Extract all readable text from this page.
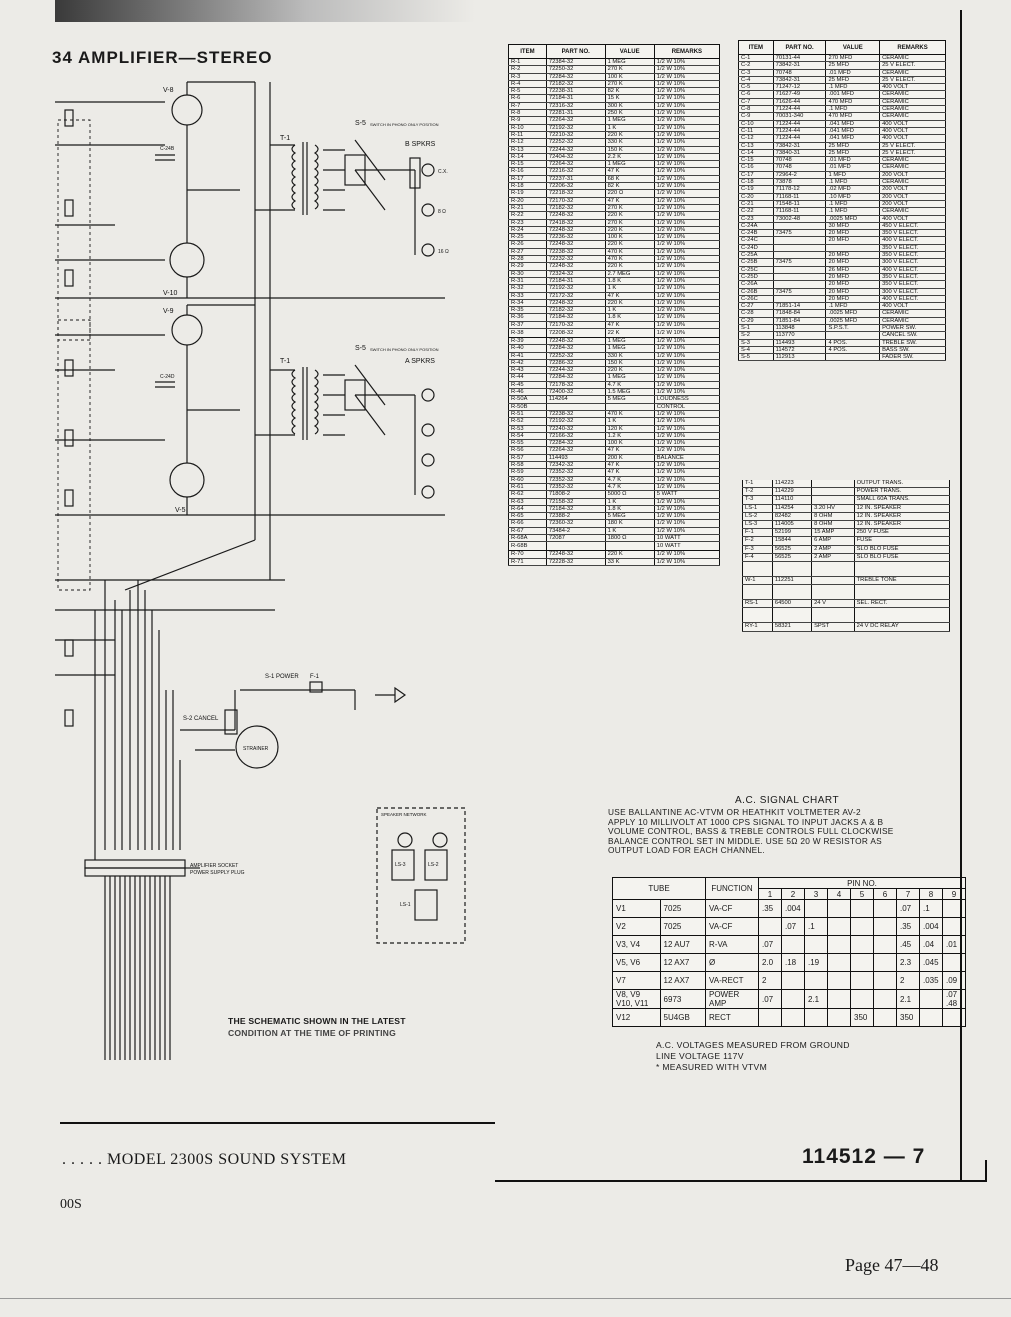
34 AMPLIFIER—STEREO
T-1
T-1
S-5
S-5
SWITCH IN PHONO ONLY POSITION
SWITCH IN PHONO ONLY POSITION
B SPKRS
A SPKRS
C.X.
8 Ω
16 Ω
V-8
V-10
V-9
V-5
C-24B
C-24D
S-1 POWER F-1
S-2 CANCEL
STRAINER
SPEAKER NETWORK
LS-3	LS-2
LS-1
AMPLIFIER SOCKET
POWER SUPPLY PLUG
THE SCHEMATIC SHOWN IN THE LATEST
CONDITION AT THE TIME OF PRINTING
ITEM	PART NO.	VALUE	REMARKS
R-1	72384-32	1 MEG	1/2 W 10%
R-2	72250-32	270 K	1/2 W 10%
R-3	72284-32	100 K	1/2 W 10%
R-4	72182-32	270 K	1/2 W 10%
R-5	72238-31	82 K	1/2 W 10%
R-6	72184-31	15 K	1/2 W 10%
R-7	72316-32	300 K	1/2 W 10%
R-8	72281-31	250 K	1/2 W 10%
R-9	72264-32	1 MEG	1/2 W 10%
R-10	72192-32	1 K	1/2 W 10%
R-11	72210-32	220 K	1/2 W 10%
R-12	72252-32	330 K	1/2 W 10%
R-13	72244-32	150 K	1/2 W 10%
R-14	72404-32	2.2 K	1/2 W 10%
R-15	72264-32	1 MEG	1/2 W 10%
R-16	72216-32	47 K	1/2 W 10%
R-17	72237-31	68 K	1/2 W 10%
R-18	72206-32	82 K	1/2 W 10%
R-19	72218-32	220 Ω	1/2 W 10%
R-20	72170-32	47 K	1/2 W 10%
R-21	72182-32	270 K	1/2 W 10%
R-22	72248-32	220 K	1/2 W 10%
R-23	72418-32	270 K	1/2 W 10%
R-24	72248-32	220 K	1/2 W 10%
R-25	72236-32	100 K	1/2 W 10%
R-26	72248-32	220 K	1/2 W 10%
R-27	72238-32	470 K	1/2 W 10%
R-28	72232-32	470 K	1/2 W 10%
R-29	72248-32	220 K	1/2 W 10%
R-30	72324-32	2.7 MEG	1/2 W 10%
R-31	72184-31	1.8 K	1/2 W 10%
R-32	72192-32	1 K	1/2 W 10%
R-33	72172-32	47 K	1/2 W 10%
R-34	72248-32	220 K	1/2 W 10%
R-35	72182-32	1 K	1/2 W 10%
R-36	72184-32	1.8 K	1/2 W 10%
R-37	72170-32	47 K	1/2 W 10%
R-38	72208-32	22 K	1/2 W 10%
R-39	72248-32	1 MEG	1/2 W 10%
R-40	72284-32	1 MEG	1/2 W 10%
R-41	72252-32	330 K	1/2 W 10%
R-42	72286-32	150 K	1/2 W 10%
R-43	72244-32	220 K	1/2 W 10%
R-44	72284-32	1 MEG	1/2 W 10%
R-45	72178-32	4.7 K	1/2 W 10%
R-46	72400-32	1.5 MEG	1/2 W 10%
R-50A	114264	5 MEG	LOUDNESS
R-50B			CONTROL
R-51	72238-32	470 K	1/2 W 10%
R-52	72192-32	1 K	1/2 W 10%
R-53	72240-32	120 K	1/2 W 10%
R-54	72166-32	1.2 K	1/2 W 10%
R-55	72284-32	100 K	1/2 W 10%
R-56	72264-32	47 K	1/2 W 10%
R-57	114493	200 K	BALANCE
R-58	72342-32	47 K	1/2 W 10%
R-59	72352-32	47 K	1/2 W 10%
R-60	72352-32	4.7 K	1/2 W 10%
R-61	72352-32	4.7 K	1/2 W 10%
R-62	71808-2	5000 Ω	5 WATT
R-63	72158-32	1 K	1/2 W 10%
R-64	72184-32	1.8 K	1/2 W 10%
R-65	72388-2	5 MEG	1/2 W 10%
R-66	72360-32	180 K	1/2 W 10%
R-67	73484-2	1 K	1/2 W 10%
R-68A	72087	1800 Ω	10 WATT
R-68B			10 WATT
R-70	72248-32	220 K	1/2 W 10%
R-71	72228-32	33 K	1/2 W 10%
ITEM	PART NO.	VALUE	REMARKS
C-1	70131-44	270 MFD	CERAMIC
C-2	73842-31	25 MFD	25 V ELECT.
C-3	70748	.01 MFD	CERAMIC
C-4	73842-31	25 MFD	25 V ELECT.
C-5	71247-12	.1 MFD	400 VOLT
C-6	71627-49	.001 MFD	CERAMIC
C-7	71626-44	470 MFD	CERAMIC
C-8	71224-44	.1 MFD	CERAMIC
C-9	70031-340	470 MFD	CERAMIC
C-10	71224-44	.041 MFD	400 VOLT
C-11	71224-44	.041 MFD	400 VOLT
C-12	71224-44	.041 MFD	400 VOLT
C-13	73842-31	25 MFD	25 V ELECT.
C-14	73840-31	25 MFD	25 V ELECT.
C-15	70748	.01 MFD	CERAMIC
C-16	70748	.01 MFD	CERAMIC
C-17	72964-2	1 MFD	200 VOLT
C-18	73878	.1 MFD	CERAMIC
C-19	71178-12	.02 MFD	200 VOLT
C-20	71168-11	.10 MFD	200 VOLT
C-21	71548-11	.1 MFD	200 VOLT
C-22	71168-11	.1 MFD	CERAMIC
C-23	73002-48	.0025 MFD	400 VOLT
C-24A		30 MFD	450 V ELECT.
C-24B	73475	20 MFD	350 V ELECT.
C-24C		20 MFD	400 V ELECT.
C-24D			350 V ELECT.
C-25A		20 MFD	350 V ELECT.
C-25B	73475	20 MFD	300 V ELECT.
C-25C		26 MFD	400 V ELECT.
C-25D		20 MFD	350 V ELECT.
C-26A		20 MFD	350 V ELECT.
C-26B	73475	20 MFD	300 V ELECT.
C-26C		20 MFD	400 V ELECT.
C-27	71851-14	.1 MFD	400 VOLT
C-28	71848-84	.0025 MFD	CERAMIC
C-29	71851-84	.0025 MFD	CERAMIC
S-1	113848	S.P.S.T.	POWER SW.
S-2	113770		CANCEL SW.
S-3	114493	4 POS.	TREBLE SW.
S-4	114572	4 POS.	BASS SW.
S-5	112913		FADER SW.
T-1	114223		OUTPUT TRANS.
T-2	114229		POWER TRANS.
T-3	114110		SMALL 60A TRANS.
LS-1	114254	3.20 HV	12 IN. SPEAKER
LS-2	82482	8 OHM	12 IN. SPEAKER
LS-3	114005	8 OHM	12 IN. SPEAKER
F-1	52199	15 AMP	250 V FUSE
F-2	15844	6 AMP	FUSE
F-3	56525	2 AMP	SLO BLO FUSE
F-4	56525	2 AMP	SLO BLO FUSE

W-1	112251		TREBLE TONE

RS-1	64500	24 V	SEL. RECT.

RY-1	58321	SPST	24 V DC RELAY
A.C. SIGNAL CHART
USE BALLANTINE AC-VTVM OR HEATHKIT VOLTMETER AV-2
APPLY 10 MILLIVOLT AT 1000 CPS SIGNAL TO INPUT JACKS A & B
VOLUME CONTROL, BASS & TREBLE CONTROLS FULL CLOCKWISE
BALANCE CONTROL SET IN MIDDLE. USE 5Ω 20 W RESISTOR AS
OUTPUT LOAD FOR EACH CHANNEL.
TUBE		FUNCTION	PIN NO.								
			1	2	3	4	5	6	7	8	9
V1	7025	VA-CF	.35	.004					.07	.1	
V2	7025	VA-CF		.07	.1				.35	.004	
V3, V4	12 AU7	R-VA	.07						.45	.04	.01
V5, V6	12 AX7	Ø	2.0	.18	.19				2.3	.045	
V7	12 AX7	VA-RECT	2						2	.035	.09
V8, V9 V10, V11	6973	POWER AMP	.07		2.1				2.1		.07 .48
V12	5U4GB	RECT					350		350		
A.C. VOLTAGES MEASURED FROM GROUND
LINE VOLTAGE 117V
* MEASURED WITH VTVM
. . . . . MODEL 2300S SOUND SYSTEM	114512 — 7
00S
Page 47—48
